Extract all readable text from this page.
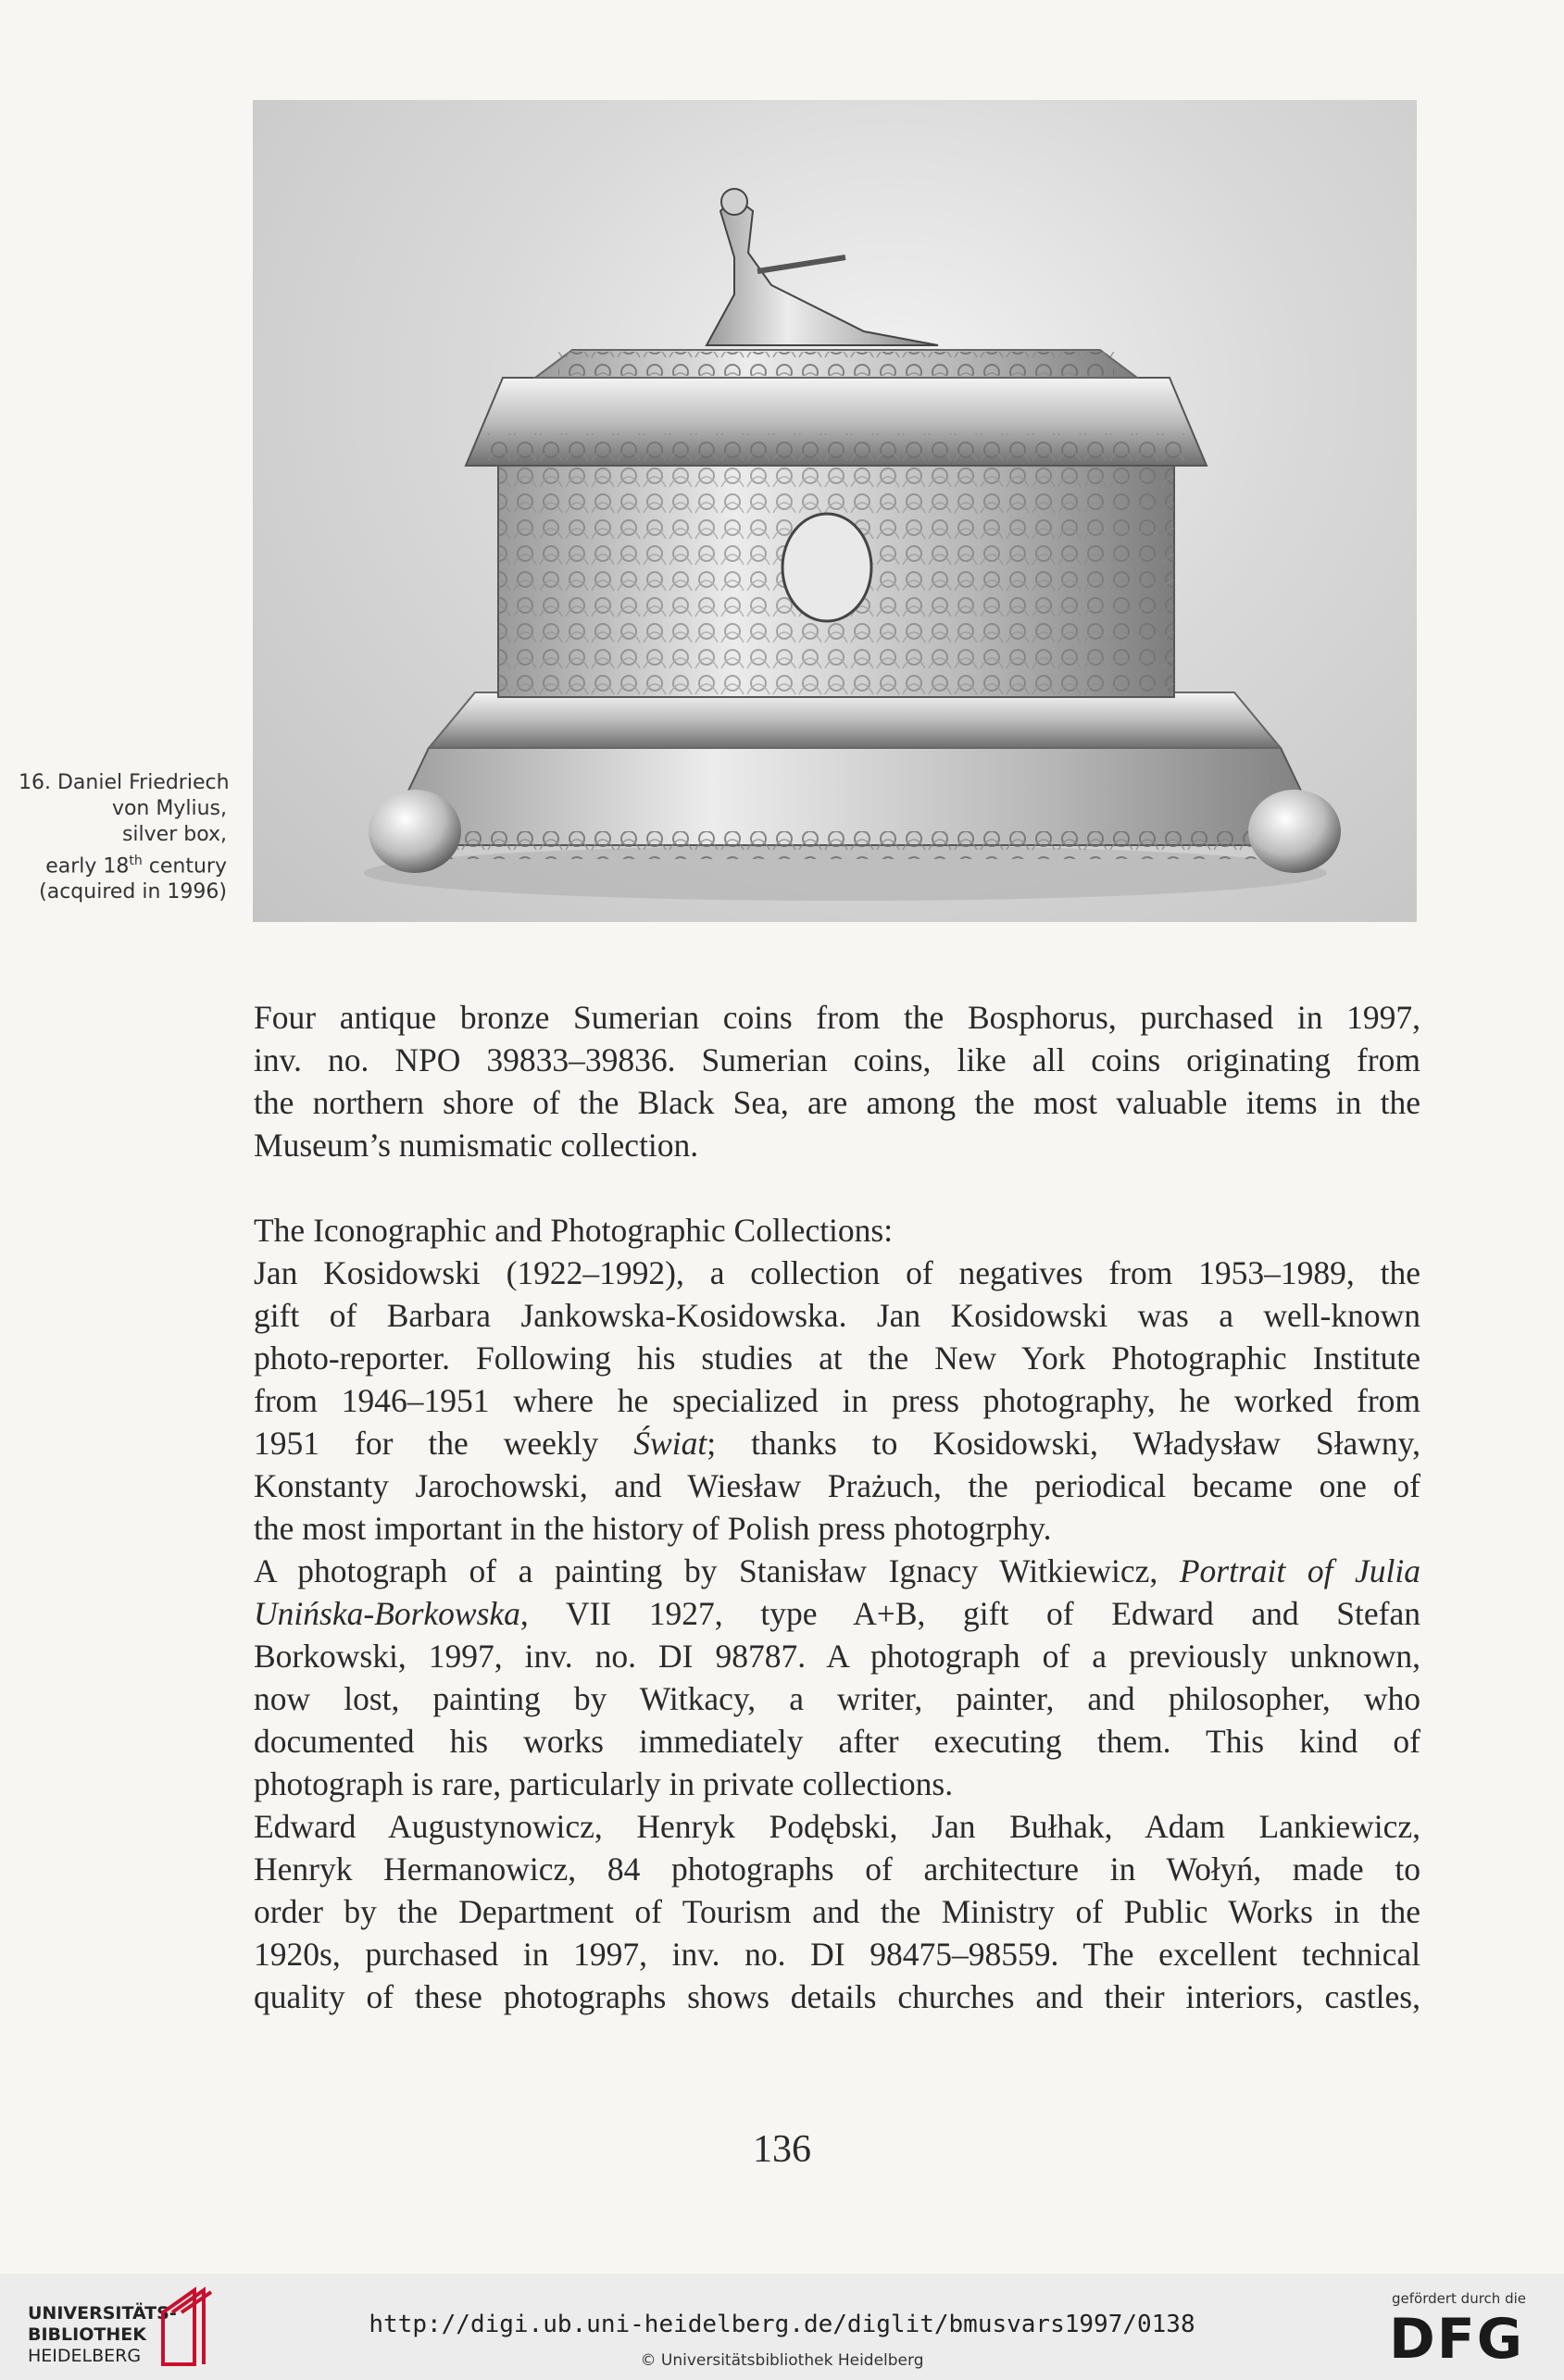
16. Daniel Friedriech
von Mylius,
silver box,
early 18th century
(acquired in 1996)

Four antique bronze Sumerian coins from the Bosphorus, purchased in 1997,

inv. no. NPO 39833–39836. Sumerian coins, like all coins originating from

the northern shore of the Black Sea, are among the most valuable items in the

Museum’s numismatic collection.

The Iconographic and Photographic Collections:

Jan Kosidowski (1922–1992), a collection of negatives from 1953–1989, the

gift of Barbara Jankowska-Kosidowska. Jan Kosidowski was a well-known

photo-reporter. Following his studies at the New York Photographic Institute

from 1946–1951 where he specialized in press photography, he worked from

1951 for the weekly Świat; thanks to Kosidowski, Władysław Sławny,

Konstanty Jarochowski, and Wiesław Prażuch, the periodical became one of

the most important in the history of Polish press photogrphy.

A photograph of a painting by Stanisław Ignacy Witkiewicz, Portrait of Julia

Unińska-Borkowska, VII 1927, type A+B, gift of Edward and Stefan

Borkowski, 1997, inv. no. DI 98787. A photograph of a previously unknown,

now lost, painting by Witkacy, a writer, painter, and philosopher, who

documented his works immediately after executing them. This kind of

photograph is rare, particularly in private collections.

Edward Augustynowicz, Henryk Podębski, Jan Bułhak, Adam Lankiewicz,

Henryk Hermanowicz, 84 photographs of architecture in Wołyń, made to

order by the Department of Tourism and the Ministry of Public Works in the

1920s, purchased in 1997, inv. no. DI 98475–98559. The excellent technical

quality of these photographs shows details churches and their interiors, castles,

136
UNIVERSITÄTS-
BIBLIOTHEK
HEIDELBERG
http://digi.ub.uni-heidelberg.de/diglit/bmusvars1997/0138
© Universitätsbibliothek Heidelberg
gefördert durch die
DFG
